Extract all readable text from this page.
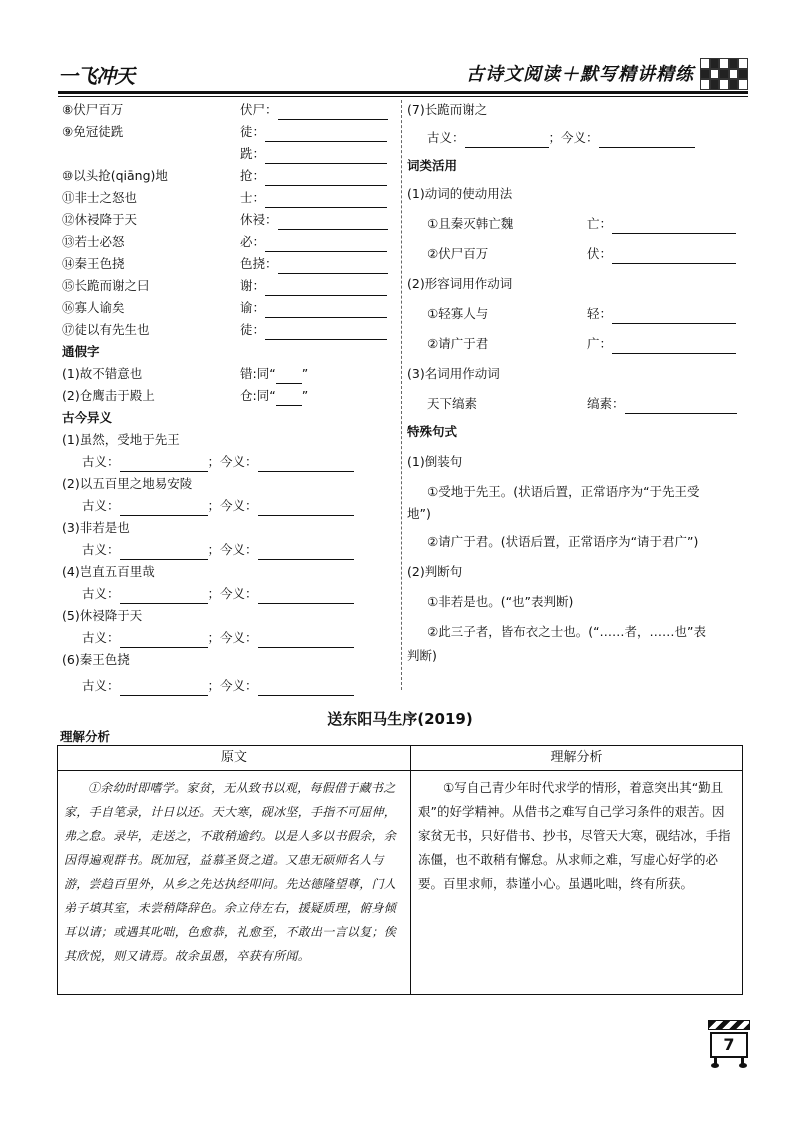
一飞冲天	古诗文阅读＋默写精讲精练
⑧伏尸百万	伏尸：
⑨免冠徒跣	徒：
跣：
⑩以头抢(qiāng)地	抢：
⑪非士之怒也	士：
⑫休祲降于天	休祲：
⑬若士必怒	必：
⑭秦王色挠	色挠：
⑮长跪而谢之曰	谢：
⑯寡人谕矣	谕：
⑰徒以有先生也	徒：
通假字
(1)故不错意也	错:同“ ”
(2)仓鹰击于殿上	仓:同“ ”
古今异义
(1)虽然，受地于先王
古义：	；今义：
(2)以五百里之地易安陵
古义：	；今义：
(3)非若是也
古义：	；今义：
(4)岂直五百里哉
古义：	；今义：
(5)休祲降于天
古义：	；今义：
(6)秦王色挠
古义：	；今义：
(7)长跪而谢之
古义：	；今义：
词类活用
(1)动词的使动用法
①且秦灭韩亡魏	亡：
②伏尸百万	伏：
(2)形容词用作动词
①轻寡人与	轻：
②请广于君	广：
(3)名词用作动词
天下缟素	缟素：
特殊句式
(1)倒装句
①受地于先王。(状语后置，正常语序为“于先王受
地”)
②请广于君。(状语后置，正常语序为“请于君广”)
(2)判断句
①非若是也。(“也”表判断)
②此三子者，皆布衣之士也。(“……者，……也”表
判断)
送东阳马生序(2019)
理解分析
原文	理解分析
①余幼时即嗜学。家贫，无从致书以观，每假借于藏书之家，手自笔录，计日以还。天大寒，砚冰坚，手指不可屈伸，弗之怠。录毕，走送之，不敢稍逾约。以是人多以书假余，余因得遍观群书。既加冠，益慕圣贤之道。又患无硕师名人与游，尝趋百里外，从乡之先达执经叩问。先达德隆望尊，门人弟子填其室，未尝稍降辞色。余立侍左右，援疑质理，俯身倾耳以请；或遇其叱咄，色愈恭，礼愈至，不敢出一言以复；俟其欣悦，则又请焉。故余虽愚，卒获有所闻。
①写自己青少年时代求学的情形，着意突出其“勤且艰”的好学精神。从借书之难写自己学习条件的艰苦。因家贫无书，只好借书、抄书，尽管天大寒，砚结冰，手指冻僵，也不敢稍有懈怠。从求师之难，写虚心好学的必要。百里求师，恭谨小心。虽遇叱咄，终有所获。
7
